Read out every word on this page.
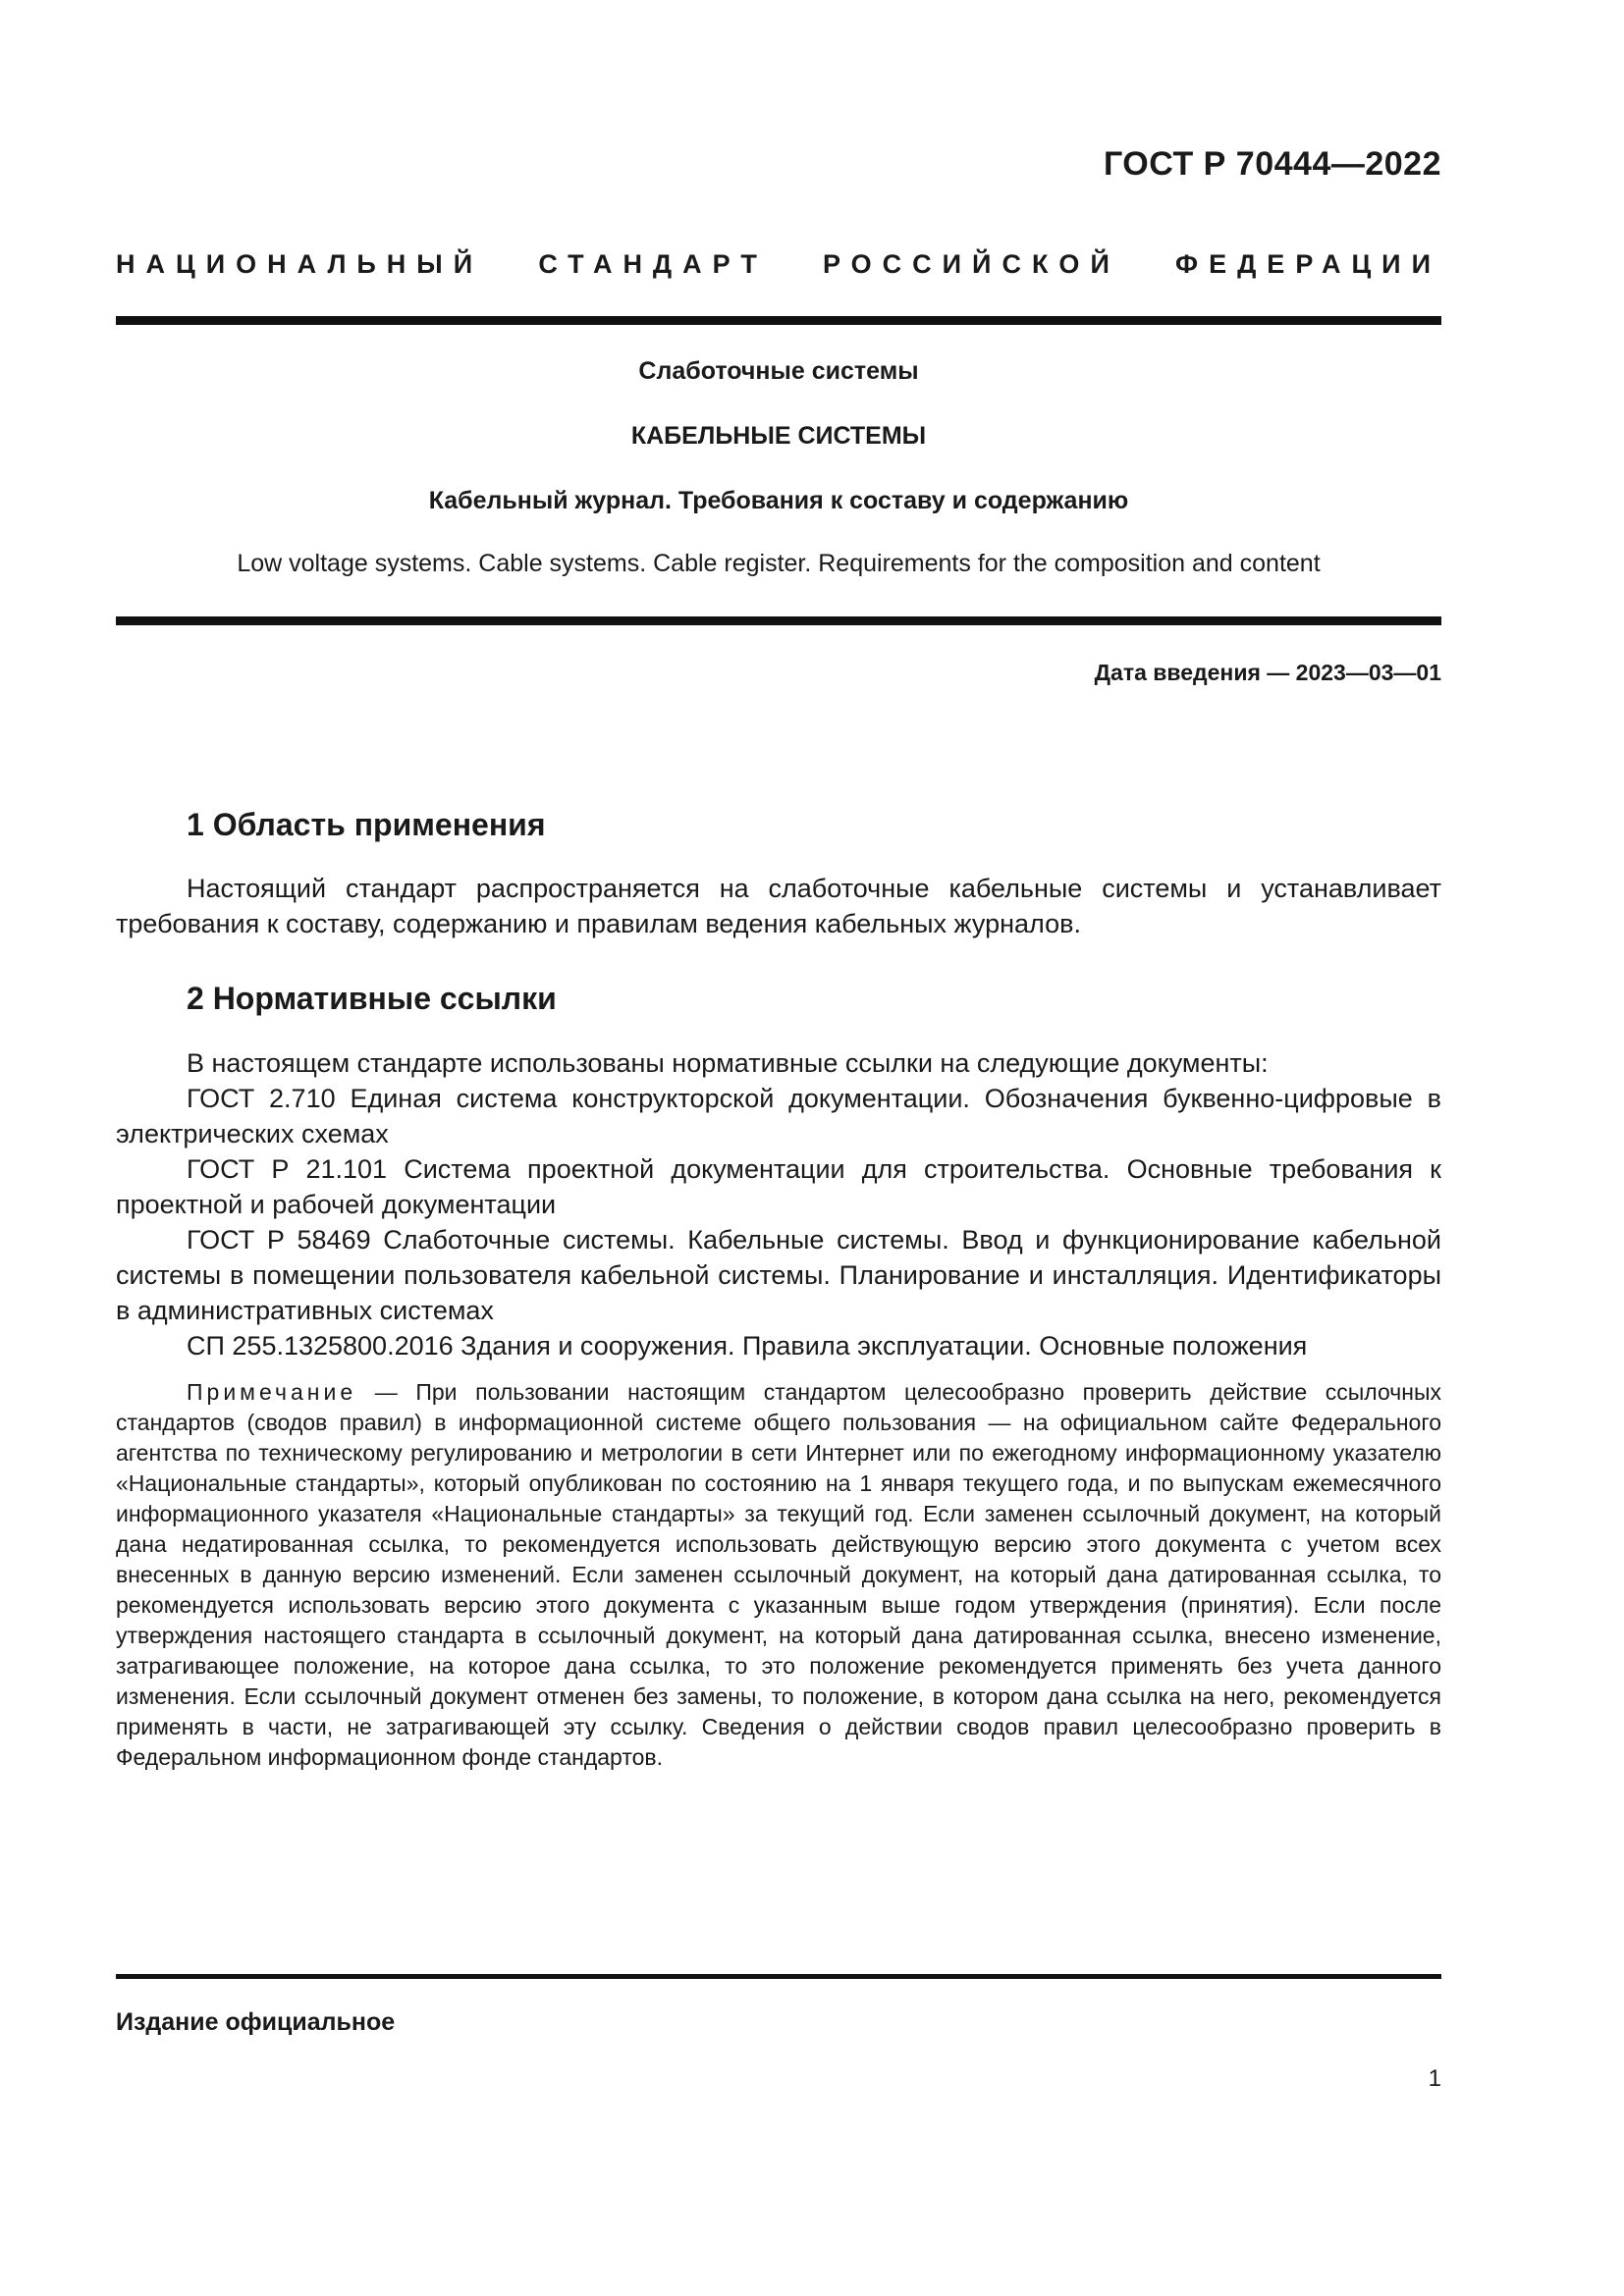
ГОСТ Р 70444—2022
НАЦИОНАЛЬНЫЙ СТАНДАРТ РОССИЙСКОЙ ФЕДЕРАЦИИ
Слаботочные системы
КАБЕЛЬНЫЕ СИСТЕМЫ
Кабельный журнал. Требования к составу и содержанию
Low voltage systems. Cable systems. Cable register. Requirements for the composition and content
Дата введения — 2023—03—01
1 Область применения
Настоящий стандарт распространяется на слаботочные кабельные системы и устанавливает требования к составу, содержанию и правилам ведения кабельных журналов.
2 Нормативные ссылки
В настоящем стандарте использованы нормативные ссылки на следующие документы:
ГОСТ 2.710 Единая система конструкторской документации. Обозначения буквенно-цифровые в электрических схемах
ГОСТ Р 21.101 Система проектной документации для строительства. Основные требования к проектной и рабочей документации
ГОСТ Р 58469 Слаботочные системы. Кабельные системы. Ввод и функционирование кабельной системы в помещении пользователя кабельной системы. Планирование и инсталляция. Идентификаторы в административных системах
СП 255.1325800.2016 Здания и сооружения. Правила эксплуатации. Основные положения
Примечание — При пользовании настоящим стандартом целесообразно проверить действие ссылочных стандартов (сводов правил) в информационной системе общего пользования — на официальном сайте Федерального агентства по техническому регулированию и метрологии в сети Интернет или по ежегодному информационному указателю «Национальные стандарты», который опубликован по состоянию на 1 января текущего года, и по выпускам ежемесячного информационного указателя «Национальные стандарты» за текущий год. Если заменен ссылочный документ, на который дана недатированная ссылка, то рекомендуется использовать действующую версию этого документа с учетом всех внесенных в данную версию изменений. Если заменен ссылочный документ, на который дана датированная ссылка, то рекомендуется использовать версию этого документа с указанным выше годом утверждения (принятия). Если после утверждения настоящего стандарта в ссылочный документ, на который дана датированная ссылка, внесено изменение, затрагивающее положение, на которое дана ссылка, то это положение рекомендуется применять без учета данного изменения. Если ссылочный документ отменен без замены, то положение, в котором дана ссылка на него, рекомендуется применять в части, не затрагивающей эту ссылку. Сведения о действии сводов правил целесообразно проверить в Федеральном информационном фонде стандартов.
Издание официальное
1
